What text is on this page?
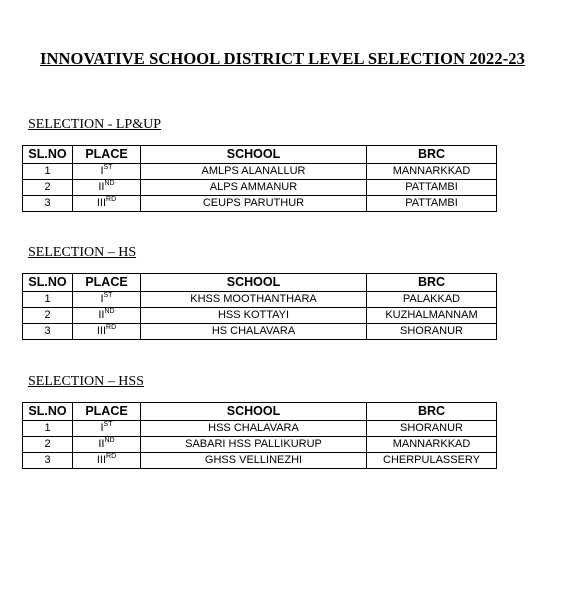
INNOVATIVE SCHOOL DISTRICT LEVEL SELECTION 2022-23
SELECTION - LP&UP
SL.NO	PLACE	SCHOOL	BRC
1	IST	AMLPS ALANALLUR	MANNARKKAD
2	IIND	ALPS AMMANUR	PATTAMBI
3	IIIRD	CEUPS PARUTHUR	PATTAMBI
SELECTION – HS
SL.NO	PLACE	SCHOOL	BRC
1	IST	KHSS MOOTHANTHARA	PALAKKAD
2	IIND	HSS KOTTAYI	KUZHALMANNAM
3	IIIRD	HS CHALAVARA	SHORANUR
SELECTION – HSS
SL.NO	PLACE	SCHOOL	BRC
1	IST	HSS CHALAVARA	SHORANUR
2	IIND	SABARI HSS PALLIKURUP	MANNARKKAD
3	IIIRD	GHSS VELLINEZHI	CHERPULASSERY
